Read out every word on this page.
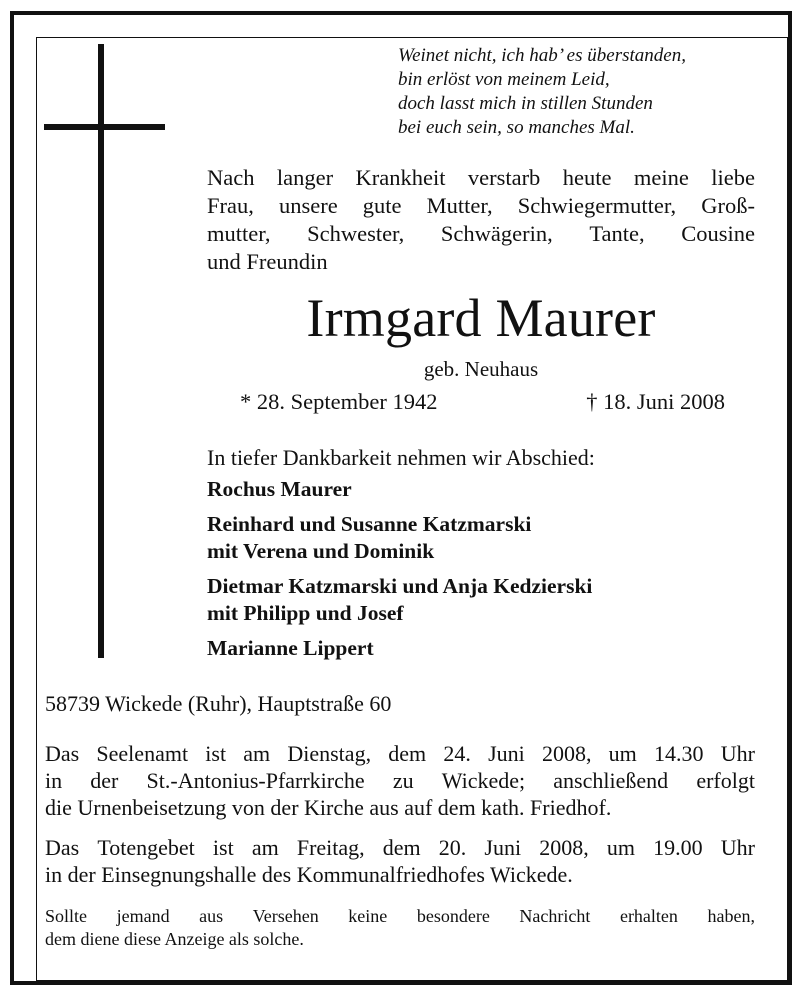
Weinet nicht, ich hab’ es überstanden,
bin erlöst von meinem Leid,
doch lasst mich in stillen Stunden
bei euch sein, so manches Mal.
Nach langer Krankheit verstarb heute meine liebe
Frau, unsere gute Mutter, Schwiegermutter, Groß-
mutter, Schwester, Schwägerin, Tante, Cousine
und Freundin
Irmgard Maurer
geb. Neuhaus
* 28. September 1942	† 18. Juni 2008
In tiefer Dankbarkeit nehmen wir Abschied:
Rochus Maurer
Reinhard und Susanne Katzmarski
mit Verena und Dominik
Dietmar Katzmarski und Anja Kedzierski
mit Philipp und Josef
Marianne Lippert
58739 Wickede (Ruhr), Hauptstraße 60
Das Seelenamt ist am Dienstag, dem 24. Juni 2008, um 14.30 Uhr
in der St.-Antonius-Pfarrkirche zu Wickede; anschließend erfolgt
die Urnenbeisetzung von der Kirche aus auf dem kath. Friedhof.
Das Totengebet ist am Freitag, dem 20. Juni 2008, um 19.00 Uhr
in der Einsegnungshalle des Kommunalfriedhofes Wickede.
Sollte jemand aus Versehen keine besondere Nachricht erhalten haben,
dem diene diese Anzeige als solche.
